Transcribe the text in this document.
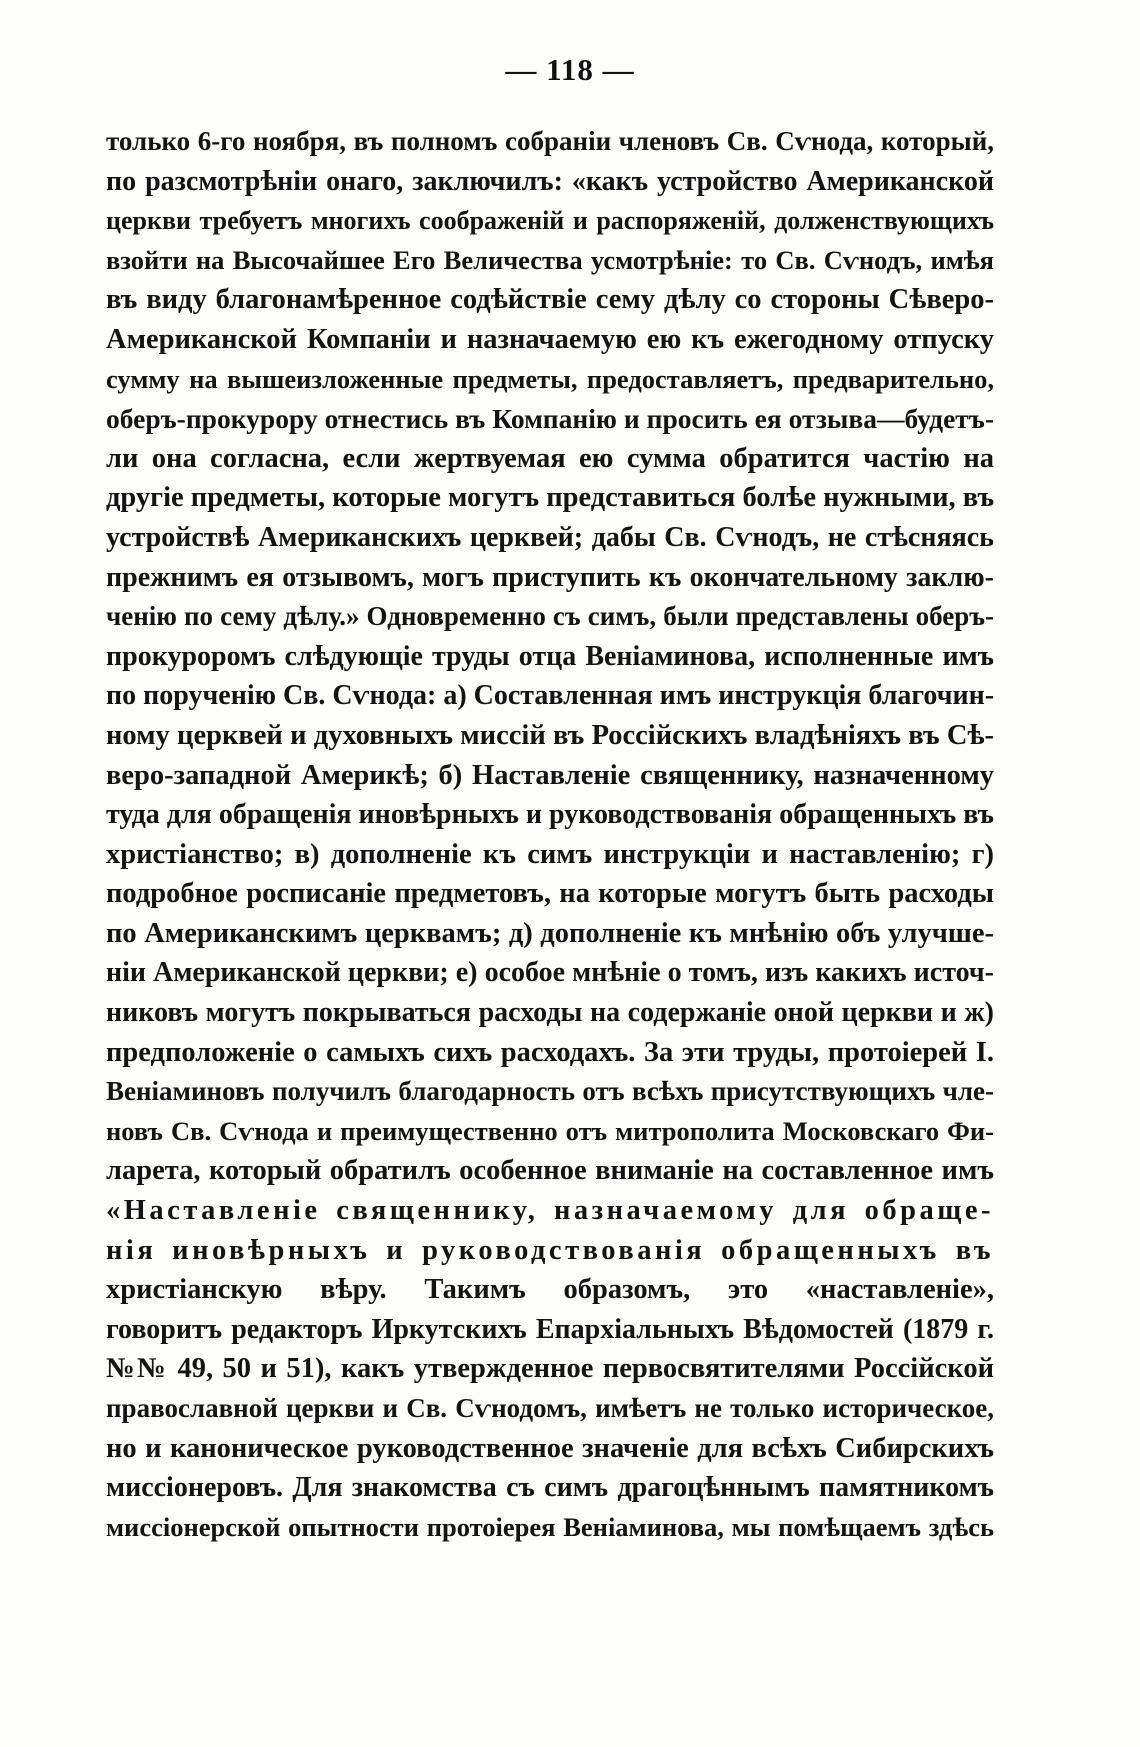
— 118 —
только 6-го ноября, въ полномъ собраніи членовъ Св. Сѵнода, который,
по разсмотрѣніи онаго, заключилъ: «какъ устройство Американской
церкви требуетъ многихъ соображеній и распоряженій, долженствующихъ
взойти на Высочайшее Его Величества усмотрѣніе: то Св. Сѵнодъ, имѣя
въ виду благонамѣренное содѣйствіе сему дѣлу со стороны Сѣверо-
Американской Компаніи и назначаемую ею къ ежегодному отпуску
сумму на вышеизложенные предметы, предоставляетъ, предварительно,
оберъ-прокурору отнестись въ Компанію и просить ея отзыва—будетъ-
ли она согласна, если жертвуемая ею сумма обратится частію на
другіе предметы, которые могутъ представиться болѣе нужными, въ
устройствѣ Американскихъ церквей; дабы Св. Сѵнодъ, не стѣсняясь
прежнимъ ея отзывомъ, могъ приступить къ окончательному заклю-
ченію по сему дѣлу.» Одновременно съ симъ, были представлены оберъ-
прокуроромъ слѣдующіе труды отца Веніаминова, исполненные имъ
по порученію Св. Сѵнода: а) Составленная имъ инструкція благочин-
ному церквей и духовныхъ миссій въ Россійскихъ владѣніяхъ въ Сѣ-
веро-западной Америкѣ; б) Наставленіе священнику, назначенному
туда для обращенія иновѣрныхъ и руководствованія обращенныхъ въ
христіанство; в) дополненіе къ симъ инструкціи и наставленію; г)
подробное росписаніе предметовъ, на которые могутъ быть расходы
по Американскимъ церквамъ; д) дополненіе къ мнѣнію объ улучше-
ніи Американской церкви; е) особое мнѣніе о томъ, изъ какихъ источ-
никовъ могутъ покрываться расходы на содержаніе оной церкви и ж)
предположеніе о самыхъ сихъ расходахъ. За эти труды, протоіерей І.
Веніаминовъ получилъ благодарность отъ всѣхъ присутствующихъ чле-
новъ Св. Сѵнода и преимущественно отъ митрополита Московскаго Фи-
ларета, который обратилъ особенное вниманіе на составленное имъ
«Наставленіе священнику, назначаемому для обраще-
нія иновѣрныхъ и руководствованія обращенныхъ въ
христіанскую вѣру. Такимъ образомъ, это «наставленіе»,
говоритъ редакторъ Иркутскихъ Епархіальныхъ Вѣдомостей (1879 г.
№№ 49, 50 и 51), какъ утвержденное первосвятителями Россійской
православной церкви и Св. Сѵнодомъ, имѣетъ не только историческое,
но и каноническое руководственное значеніе для всѣхъ Сибирскихъ
миссіонеровъ. Для знакомства съ симъ драгоцѣннымъ памятникомъ
миссіонерской опытности протоіерея Веніаминова, мы помѣщаемъ здѣсь
